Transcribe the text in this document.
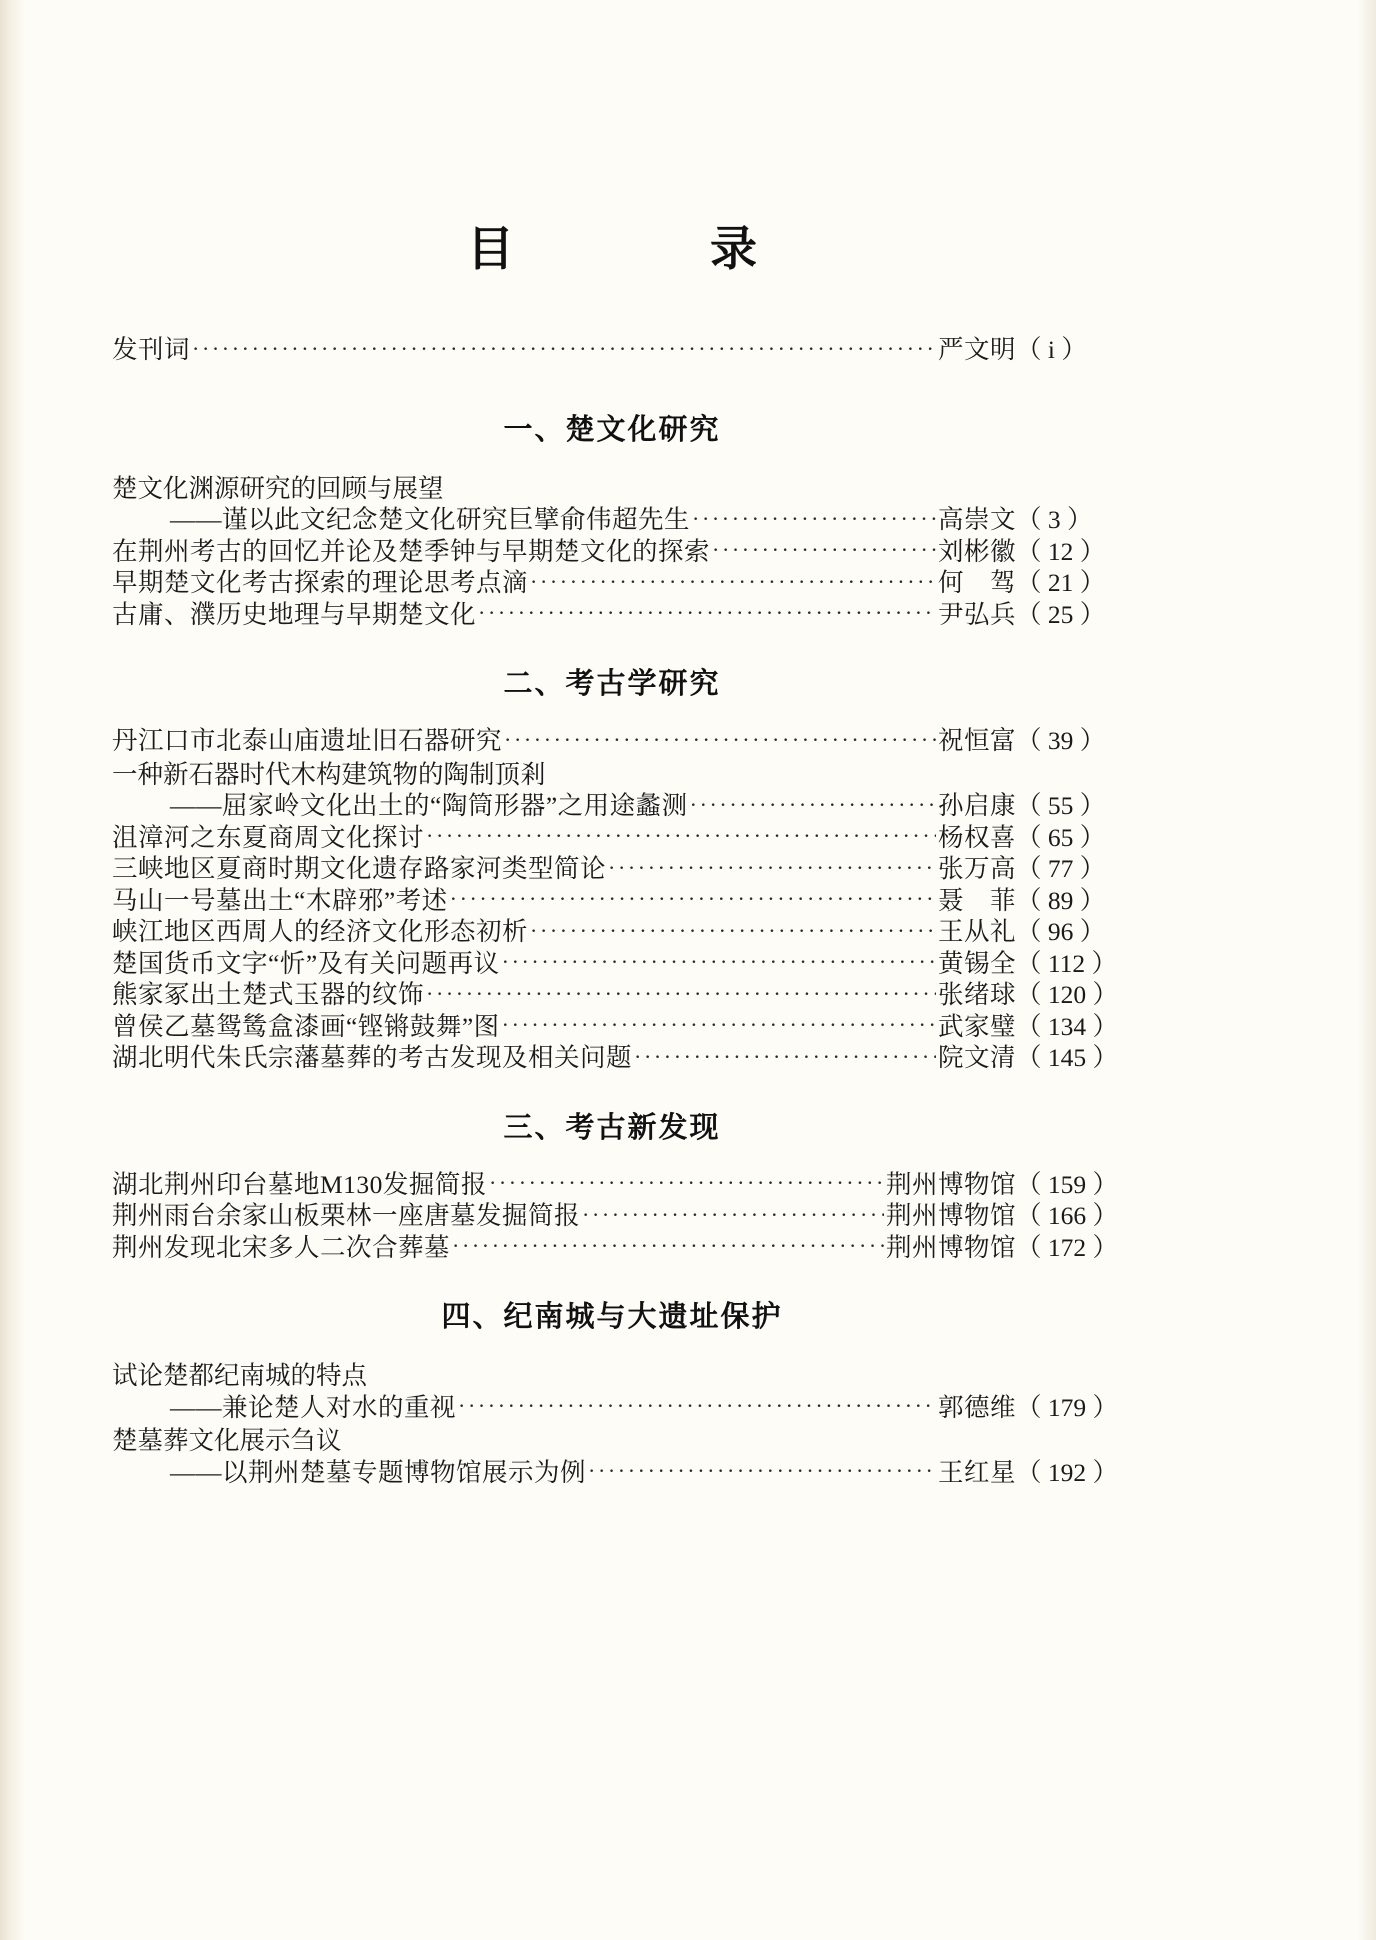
目　　录
发刊词 ·····	严文明 （ i ）
一、楚文化研究
楚文化渊源研究的回顾与展望
——谨以此文纪念楚文化研究巨擘俞伟超先生 ·····	高崇文 （ 3 ）
在荆州考古的回忆并论及楚季钟与早期楚文化的探索 ·····	刘彬徽 （ 12 ）
早期楚文化考古探索的理论思考点滴 ·····	何　驾 （ 21 ）
古庸、濮历史地理与早期楚文化 ·····	尹弘兵 （ 25 ）
二、考古学研究
丹江口市北泰山庙遗址旧石器研究 ·····	祝恒富 （ 39 ）
一种新石器时代木构建筑物的陶制顶剎
——屈家岭文化出土的“陶筒形器”之用途蠡测 ·····	孙启康 （ 55 ）
沮漳河之东夏商周文化探讨 ·····	杨权喜 （ 65 ）
三峡地区夏商时期文化遗存路家河类型简论 ·····	张万高 （ 77 ）
马山一号墓出土“木辟邪”考述 ·····	聂　菲 （ 89 ）
峡江地区西周人的经济文化形态初析 ·····	王从礼 （ 96 ）
楚国货币文字“忻”及有关问题再议 ·····	黄锡全 （ 112 ）
熊家冢出土楚式玉器的纹饰 ·····	张绪球 （ 120 ）
曾侯乙墓鸳鸶盒漆画“铿锵鼓舞”图 ·····	武家璧 （ 134 ）
湖北明代朱氏宗藩墓葬的考古发现及相关问题 ·····	院文清 （ 145 ）
三、考古新发现
湖北荆州印台墓地M130发掘简报 ·····	荆州博物馆 （ 159 ）
荆州雨台余家山板栗林一座唐墓发掘简报 ·····	荆州博物馆 （ 166 ）
荆州发现北宋多人二次合葬墓 ·····	荆州博物馆 （ 172 ）
四、纪南城与大遗址保护
试论楚都纪南城的特点
——兼论楚人对水的重视 ·····	郭德维 （ 179 ）
楚墓葬文化展示刍议
——以荆州楚墓专题博物馆展示为例 ·····	王红星 （ 192 ）
